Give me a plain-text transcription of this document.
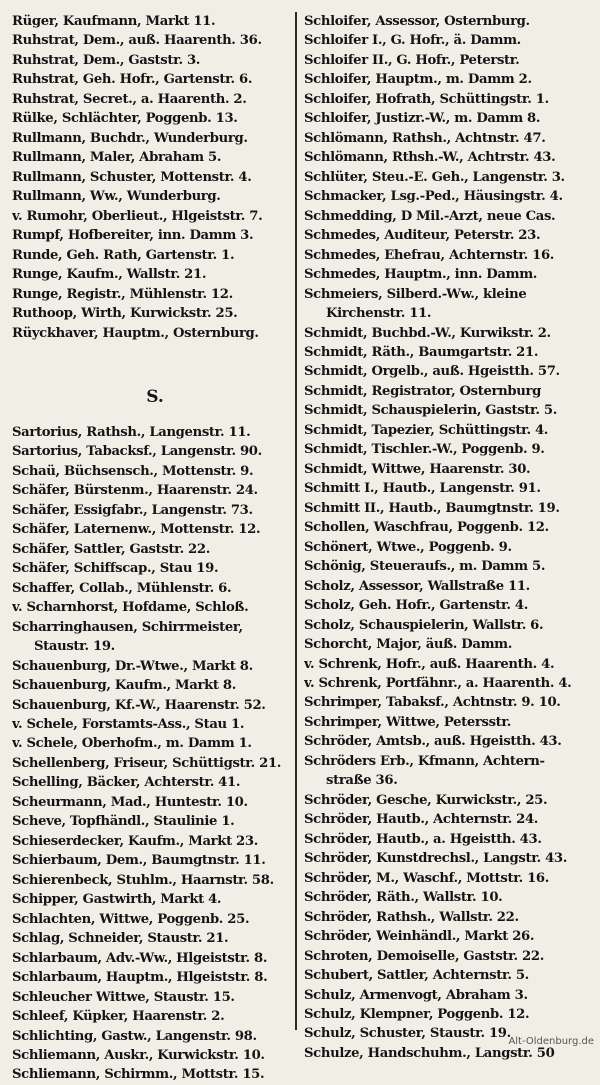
Rüger, Kaufmann, Markt 11.
Ruhstrat, Dem., auß. Haarenth. 36.
Ruhstrat, Dem., Gaststr. 3.
Ruhstrat, Geh. Hofr., Gartenstr. 6.
Ruhstrat, Secret., a. Haarenth. 2.
Rülke, Schlächter, Poggenb. 13.
Rullmann, Buchdr., Wunderburg.
Rullmann, Maler, Abraham 5.
Rullmann, Schuster, Mottenstr. 4.
Rullmann, Ww., Wunderburg.
v. Rumohr, Oberlieut., Hlgeiststr. 7.
Rumpf, Hofbereiter, inn. Damm 3.
Runde, Geh. Rath, Gartenstr. 1.
Runge, Kaufm., Wallstr. 21.
Runge, Registr., Mühlenstr. 12.
Ruthoop, Wirth, Kurwickstr. 25.
Rüyckhaver, Hauptm., Osternburg.
S.
Sartorius, Rathsh., Langenstr. 11.
Sartorius, Tabacksf., Langenstr. 90.
Schaü, Büchsensch., Mottenstr. 9.
Schäfer, Bürstenm., Haarenstr. 24.
Schäfer, Essigfabr., Langenstr. 73.
Schäfer, Laternenw., Mottenstr. 12.
Schäfer, Sattler, Gaststr. 22.
Schäfer, Schiffscap., Stau 19.
Schaffer, Collab., Mühlenstr. 6.
v. Scharnhorst, Hofdame, Schloß.
Scharringhausen, Schirrmeister,
Staustr. 19.
Schauenburg, Dr.-Wtwe., Markt 8.
Schauenburg, Kaufm., Markt 8.
Schauenburg, Kf.-W., Haarenstr. 52.
v. Schele, Forstamts-Ass., Stau 1.
v. Schele, Oberhofm., m. Damm 1.
Schellenberg, Friseur, Schüttigstr. 21.
Schelling, Bäcker, Achterstr. 41.
Scheurmann, Mad., Huntestr. 10.
Scheve, Topfhändl., Staulinie 1.
Schieserdecker, Kaufm., Markt 23.
Schierbaum, Dem., Baumgtnstr. 11.
Schierenbeck, Stuhlm., Haarnstr. 58.
Schipper, Gastwirth, Markt 4.
Schlachten, Wittwe, Poggenb. 25.
Schlag, Schneider, Staustr. 21.
Schlarbaum, Adv.-Ww., Hlgeiststr. 8.
Schlarbaum, Hauptm., Hlgeiststr. 8.
Schleucher Wittwe, Staustr. 15.
Schleef, Küpker, Haarenstr. 2.
Schlichting, Gastw., Langenstr. 98.
Schliemann, Auskr., Kurwickstr. 10.
Schliemann, Schirmm., Mottstr. 15.
Schloifer, Assessor, Osternburg.
Schloifer I., G. Hofr., ä. Damm.
Schloifer II., G. Hofr., Peterstr.
Schloifer, Hauptm., m. Damm 2.
Schloifer, Hofrath, Schüttingstr. 1.
Schloifer, Justizr.-W., m. Damm 8.
Schlömann, Rathsh., Achtnstr. 47.
Schlömann, Rthsh.-W., Achtrstr. 43.
Schlüter, Steu.-E. Geh., Langenstr. 3.
Schmacker, Lsg.-Ped., Häusingstr. 4.
Schmedding, D Mil.-Arzt, neue Cas.
Schmedes, Auditeur, Peterstr. 23.
Schmedes, Ehefrau, Achternstr. 16.
Schmedes, Hauptm., inn. Damm.
Schmeiers, Silberd.-Ww., kleine
Kirchenstr. 11.
Schmidt, Buchbd.-W., Kurwikstr. 2.
Schmidt, Räth., Baumgartstr. 21.
Schmidt, Orgelb., auß. Hgeistth. 57.
Schmidt, Registrator, Osternburg
Schmidt, Schauspielerin, Gaststr. 5.
Schmidt, Tapezier, Schüttingstr. 4.
Schmidt, Tischler.-W., Poggenb. 9.
Schmidt, Wittwe, Haarenstr. 30.
Schmitt I., Hautb., Langenstr. 91.
Schmitt II., Hautb., Baumgtnstr. 19.
Schollen, Waschfrau, Poggenb. 12.
Schönert, Wtwe., Poggenb. 9.
Schönig, Steueraufs., m. Damm 5.
Scholz, Assessor, Wallstraße 11.
Scholz, Geh. Hofr., Gartenstr. 4.
Scholz, Schauspielerin, Wallstr. 6.
Schorcht, Major, äuß. Damm.
v. Schrenk, Hofr., auß. Haarenth. 4.
v. Schrenk, Portfähnr., a. Haarenth. 4.
Schrimper, Tabaksf., Achtnstr. 9. 10.
Schrimper, Wittwe, Petersstr.
Schröder, Amtsb., auß. Hgeistth. 43.
Schröders Erb., Kfmann, Achtern-
straße 36.
Schröder, Gesche, Kurwickstr., 25.
Schröder, Hautb., Achternstr. 24.
Schröder, Hautb., a. Hgeistth. 43.
Schröder, Kunstdrechsl., Langstr. 43.
Schröder, M., Waschf., Mottstr. 16.
Schröder, Räth., Wallstr. 10.
Schröder, Rathsh., Wallstr. 22.
Schröder, Weinhändl., Markt 26.
Schroten, Demoiselle, Gaststr. 22.
Schubert, Sattler, Achternstr. 5.
Schulz, Armenvogt, Abraham 3.
Schulz, Klempner, Poggenb. 12.
Schulz, Schuster, Staustr. 19.
Schulze, Handschuhm., Langstr. 50
Alt-Oldenburg.de
